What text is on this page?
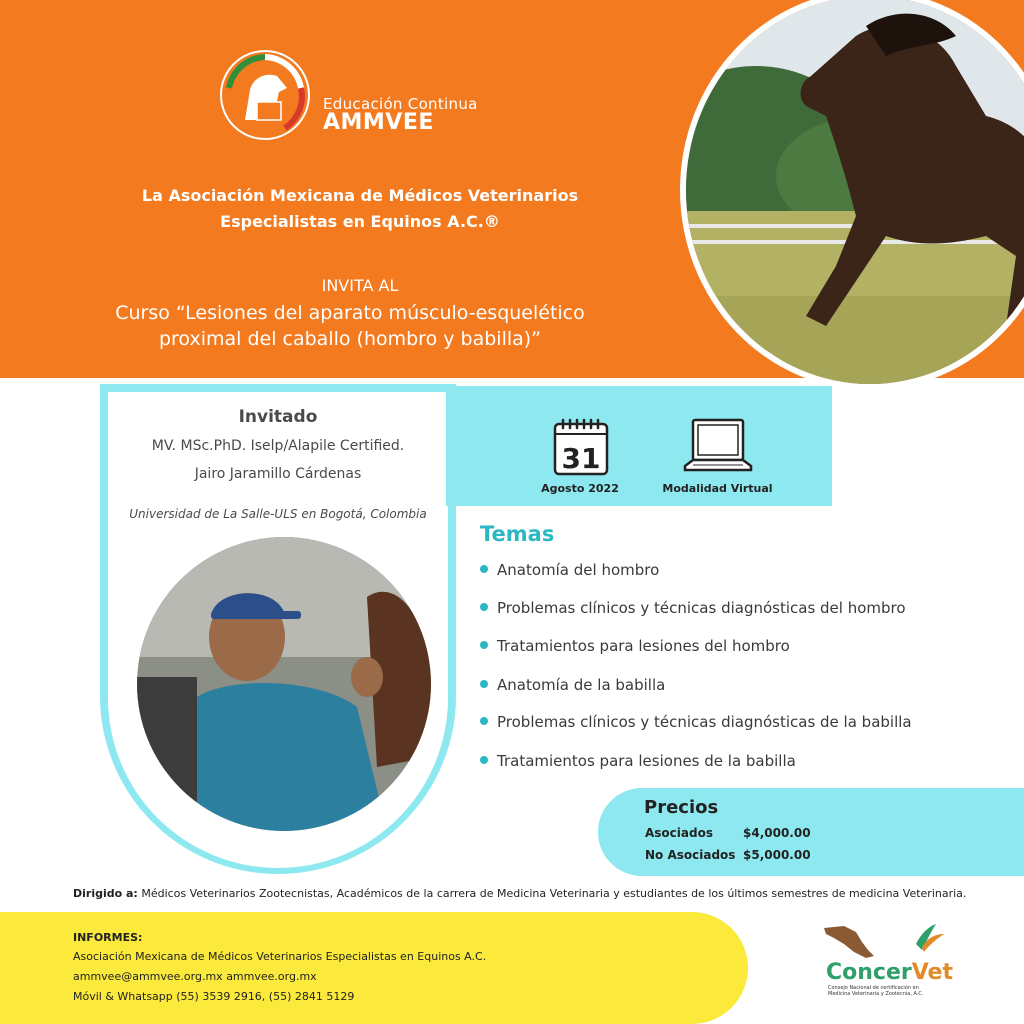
Educación Continua
AMMVEE
La Asociación Mexicana de Médicos Veterinarios
Especialistas en Equinos A.C.®
INVITA AL
Curso “Lesiones del aparato músculo-esquelético
proximal del caballo (hombro y babilla)”
Invitado
MV. MSc.PhD. Iselp/Alapile Certified.
Jairo Jaramillo Cárdenas
Universidad de La Salle-ULS en Bogotá, Colombia
31
Agosto 2022	Modalidad Virtual
Temas
Anatomía del hombro
Problemas clínicos y técnicas diagnósticas del hombro
Tratamientos para lesiones del hombro
Anatomía de la babilla
Problemas clínicos y técnicas diagnósticas de la babilla
Tratamientos para lesiones de la babilla
Precios
Asociados	$4,000.00
No Asociados $5,000.00
Dirigido a: Médicos Veterinarios Zootecnistas, Académicos de la carrera de Medicina Veterinaria y estudiantes de los últimos semestres de medicina Veterinaria.
INFORMES:
Asociación Mexicana de Médicos Veterinarios Especialistas en Equinos A.C.
ammvee@ammvee.org.mx ammvee.org.mx
Móvil & Whatsapp (55) 3539 2916, (55) 2841 5129
ConcerVet
Consejo Nacional de certificación en Medicina Veterinaria y Zootecnia, A.C.
